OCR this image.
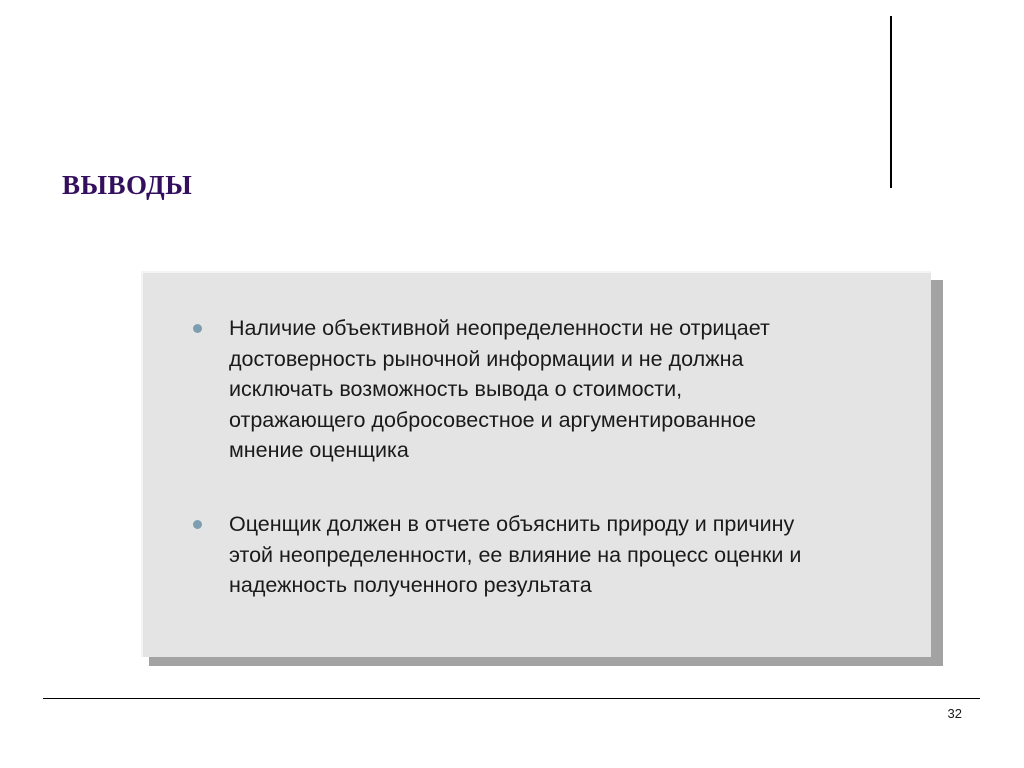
ВЫВОДЫ
Наличие объективной неопределенности не отрицает
достоверность рыночной информации и не должна
исключать возможность вывода о стоимости,
отражающего добросовестное и аргументированное
мнение оценщика
Оценщик должен в отчете объяснить природу и причину
этой неопределенности, ее влияние на процесс оценки и
надежность полученного результата
32
